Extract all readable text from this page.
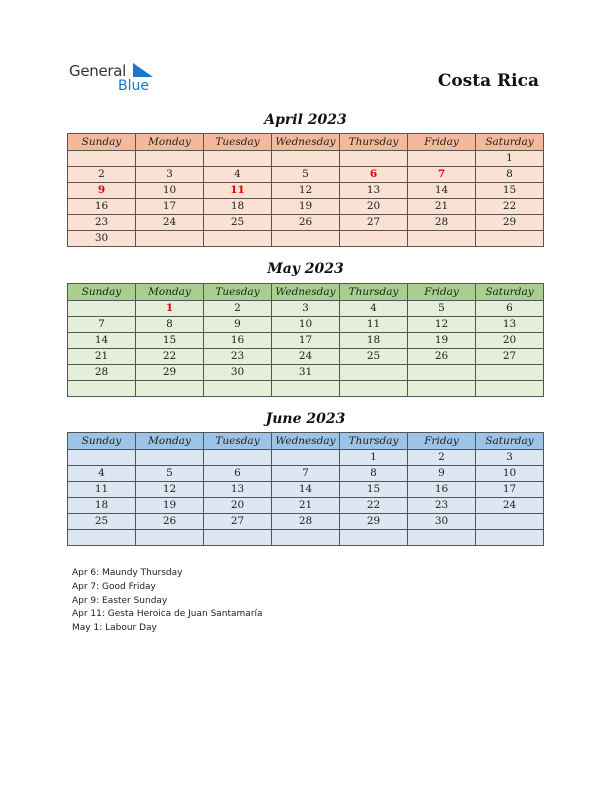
General
Blue	Costa Rica
April 2023
Sunday	Monday	Tuesday	Wednesday	Thursday	Friday	Saturday
						1
2	3	4	5	6	7	8
9	10	11	12	13	14	15
16	17	18	19	20	21	22
23	24	25	26	27	28	29
30						
May 2023
Sunday	Monday	Tuesday	Wednesday	Thursday	Friday	Saturday
	1	2	3	4	5	6
7	8	9	10	11	12	13
14	15	16	17	18	19	20
21	22	23	24	25	26	27
28	29	30	31			

June 2023
Sunday	Monday	Tuesday	Wednesday	Thursday	Friday	Saturday
				1	2	3
4	5	6	7	8	9	10
11	12	13	14	15	16	17
18	19	20	21	22	23	24
25	26	27	28	29	30	

Apr 6: Maundy Thursday
Apr 7: Good Friday
Apr 9: Easter Sunday
Apr 11: Gesta Heroica de Juan Santamaría
May 1: Labour Day
